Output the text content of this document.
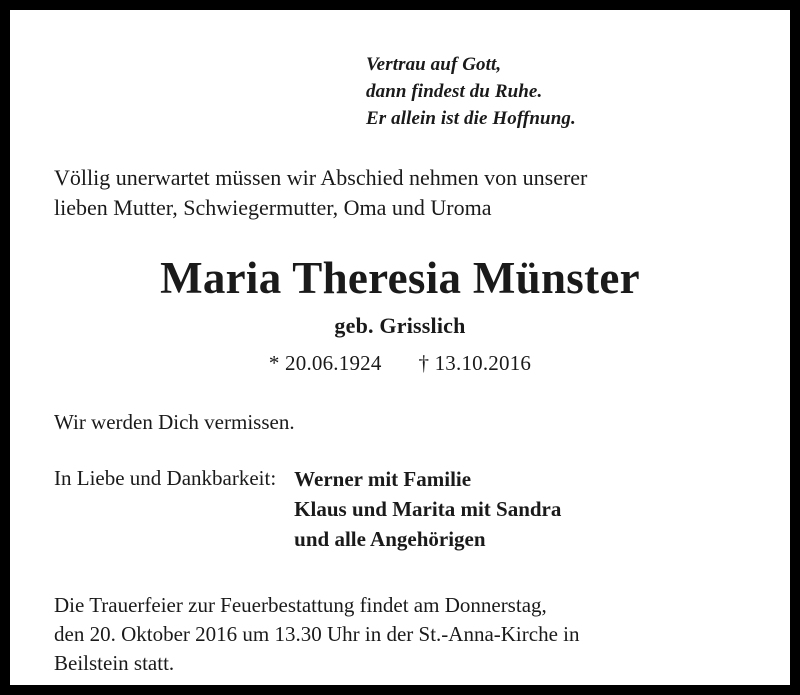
Vertrau auf Gott,
dann findest du Ruhe.
Er allein ist die Hoffnung.
Völlig unerwartet müssen wir Abschied nehmen von unserer
lieben Mutter, Schwiegermutter, Oma und Uroma
Maria Theresia Münster
geb. Grisslich
* 20.06.1924 † 13.10.2016
Wir werden Dich vermissen.
In Liebe und Dankbarkeit: Werner mit Familie
Klaus und Marita mit Sandra
und alle Angehörigen
Die Trauerfeier zur Feuerbestattung findet am Donnerstag,
den 20. Oktober 2016 um 13.30 Uhr in der St.-Anna-Kirche in
Beilstein statt.
